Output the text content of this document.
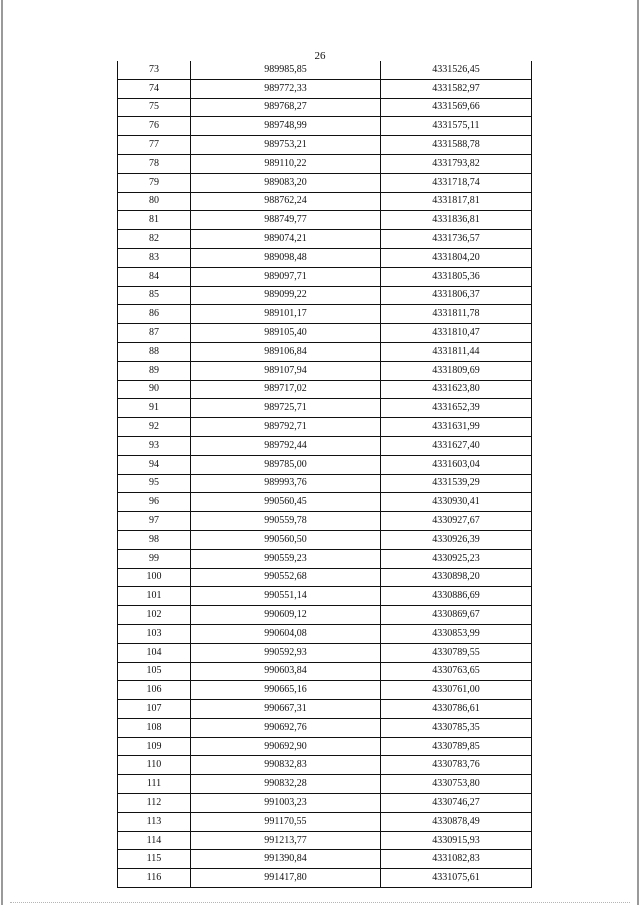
26
73	989985,85	4331526,45
74	989772,33	4331582,97
75	989768,27	4331569,66
76	989748,99	4331575,11
77	989753,21	4331588,78
78	989110,22	4331793,82
79	989083,20	4331718,74
80	988762,24	4331817,81
81	988749,77	4331836,81
82	989074,21	4331736,57
83	989098,48	4331804,20
84	989097,71	4331805,36
85	989099,22	4331806,37
86	989101,17	4331811,78
87	989105,40	4331810,47
88	989106,84	4331811,44
89	989107,94	4331809,69
90	989717,02	4331623,80
91	989725,71	4331652,39
92	989792,71	4331631,99
93	989792,44	4331627,40
94	989785,00	4331603,04
95	989993,76	4331539,29
96	990560,45	4330930,41
97	990559,78	4330927,67
98	990560,50	4330926,39
99	990559,23	4330925,23
100	990552,68	4330898,20
101	990551,14	4330886,69
102	990609,12	4330869,67
103	990604,08	4330853,99
104	990592,93	4330789,55
105	990603,84	4330763,65
106	990665,16	4330761,00
107	990667,31	4330786,61
108	990692,76	4330785,35
109	990692,90	4330789,85
110	990832,83	4330783,76
111	990832,28	4330753,80
112	991003,23	4330746,27
113	991170,55	4330878,49
114	991213,77	4330915,93
115	991390,84	4331082,83
116	991417,80	4331075,61
